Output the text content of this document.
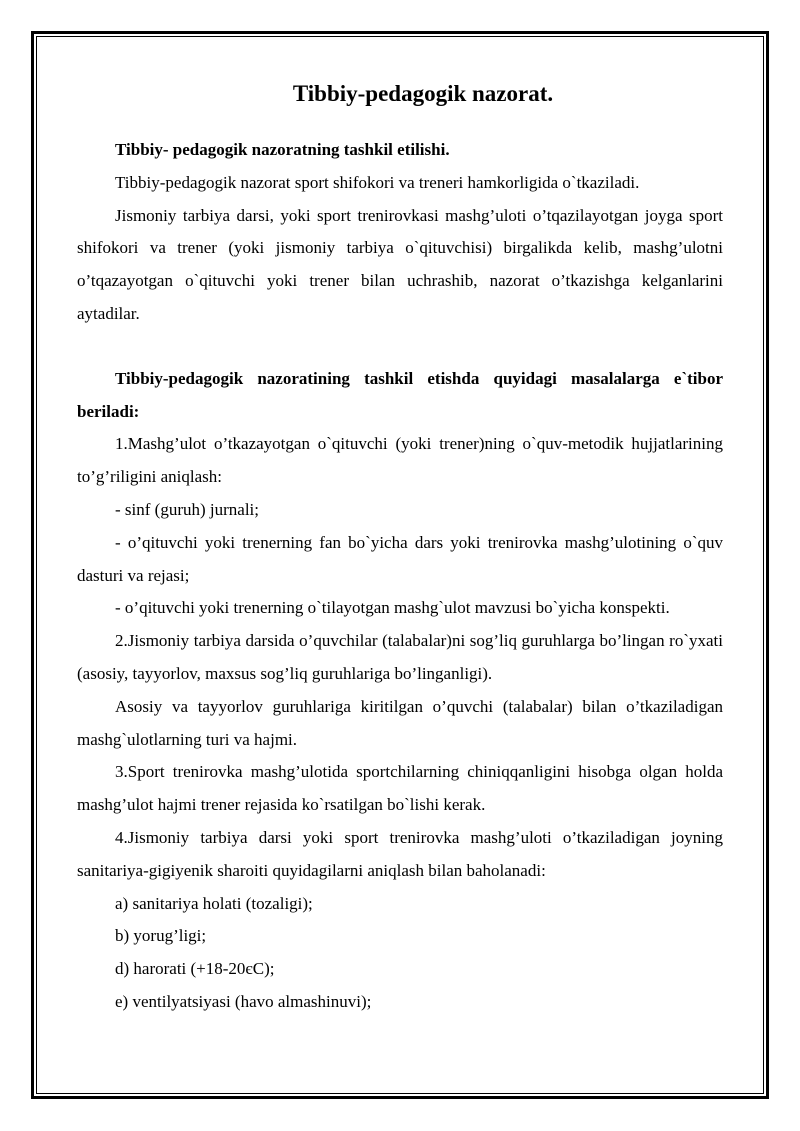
Tibbiy-pedagogik nazorat.

Tibbiy- pedagogik nazoratning tashkil etilishi.

Tibbiy-pedagogik nazorat sport shifokori va treneri hamkorligida o`tkaziladi.

Jismoniy tarbiya darsi, yoki sport trenirovkasi mashg’uloti o’tqazilayotgan joyga sport shifokori va trener (yoki jismoniy tarbiya o`qituvchisi) birgalikda kelib, mashg’ulotni o’tqazayotgan o`qituvchi yoki trener bilan uchrashib, nazorat o’tkazishga kelganlarini aytadilar.

Tibbiy-pedagogik nazoratining tashkil etishda quyidagi masalalarga e`tibor beriladi:

1.Mashg’ulot o’tkazayotgan o`qituvchi (yoki trener)ning o`quv-metodik hujjatlarining to’g’riligini aniqlash:

- sinf (guruh) jurnali;

- o’qituvchi yoki trenerning fan bo`yicha dars yoki trenirovka mashg’ulotining o`quv dasturi va rejasi;

- o’qituvchi yoki trenerning o`tilayotgan mashg`ulot mavzusi bo`yicha konspekti.

2.Jismoniy tarbiya darsida o’quvchilar (talabalar)ni sog’liq guruhlarga bo’lingan ro`yxati (asosiy, tayyorlov, maxsus sog’liq guruhlariga bo’linganligi).

Asosiy va tayyorlov guruhlariga kiritilgan o’quvchi (talabalar) bilan o’tkaziladigan mashg`ulotlarning turi va hajmi.

3.Sport trenirovka mashg’ulotida sportchilarning chiniqqanligini hisobga olgan holda mashg’ulot hajmi trener rejasida ko`rsatilgan bo`lishi kerak.

4.Jismoniy tarbiya darsi yoki sport trenirovka mashg’uloti o’tkaziladigan joyning sanitariya-gigiyenik sharoiti quyidagilarni aniqlash bilan baholanadi:

a) sanitariya holati (tozaligi);

b) yorug’ligi;

d) harorati (+18-20єC);

e) ventilyatsiyasi (havo almashinuvi);
